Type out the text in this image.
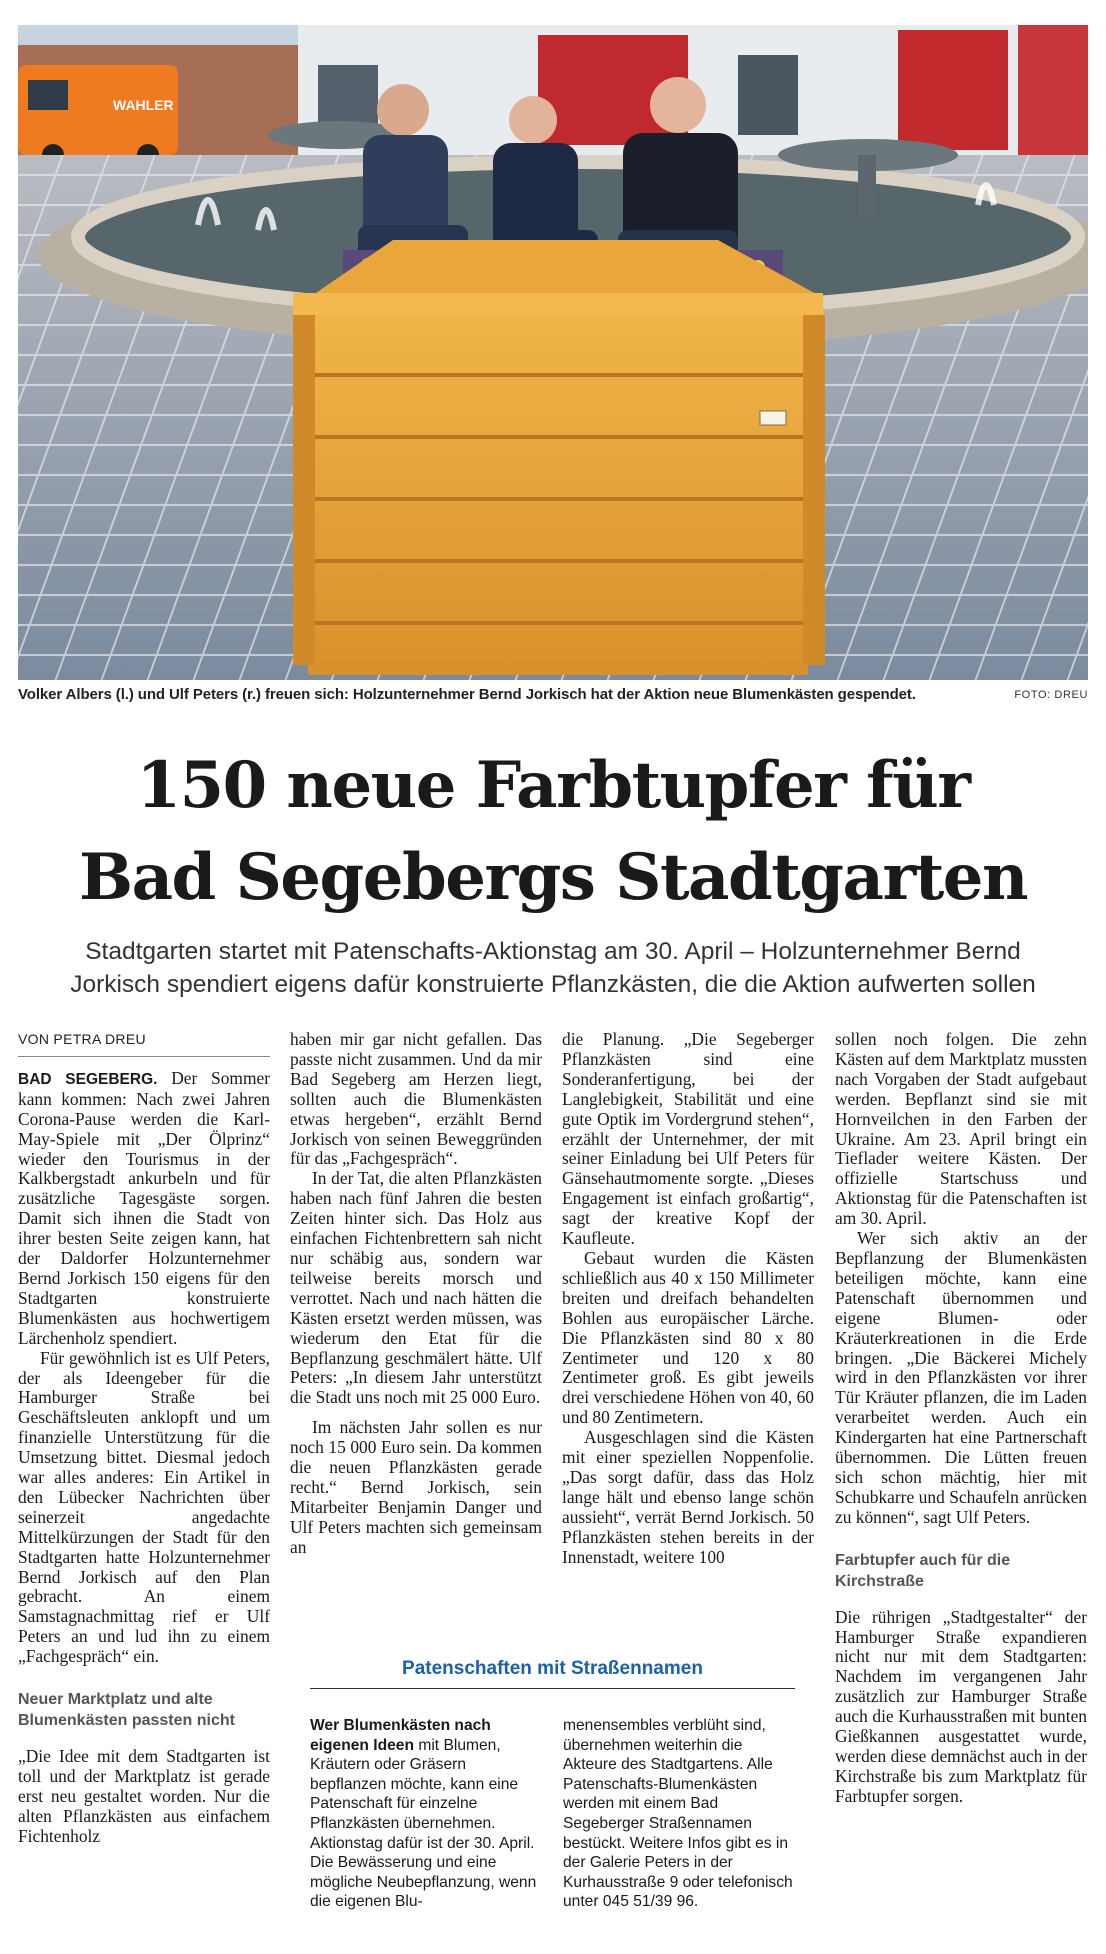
WAHLER
Volker Albers (l.) und Ulf Peters (r.) freuen sich: Holzunternehmer Bernd Jorkisch hat der Aktion neue Blumenkästen gespendet.	FOTO: DREU
150 neue Farbtupfer für
Bad Segebergs Stadtgarten
Stadtgarten startet mit Patenschafts-Aktionstag am 30. April – Holzunternehmer Bernd
Jorkisch spendiert eigens dafür konstruierte Pflanzkästen, die die Aktion aufwerten sollen
VON PETRA DREU

BAD SEGEBERG. Der Sommer kann kommen: Nach zwei Jahren Corona-Pause werden die Karl-May-Spiele mit „Der Ölprinz“ wieder den Tourismus in der Kalkbergstadt ankurbeln und für zusätzliche Tagesgäste sorgen. Damit sich ihnen die Stadt von ihrer besten Seite zeigen kann, hat der Daldorfer Holzunternehmer Bernd Jorkisch 150 eigens für den Stadtgarten konstruierte Blumenkästen aus hochwertigem Lärchenholz spendiert.

Für gewöhnlich ist es Ulf Peters, der als Ideengeber für die Hamburger Straße bei Geschäftsleuten anklopft und um finanzielle Unterstützung für die Umsetzung bittet. Diesmal jedoch war alles anderes: Ein Artikel in den Lübecker Nachrichten über seinerzeit angedachte Mittelkürzungen der Stadt für den Stadtgarten hatte Holzunternehmer Bernd Jorkisch auf den Plan gebracht. An einem Samstagnachmittag rief er Ulf Peters an und lud ihn zu einem „Fachgespräch“ ein.

Neuer Marktplatz und alte Blumenkästen passten nicht

„Die Idee mit dem Stadtgarten ist toll und der Marktplatz ist gerade erst neu gestaltet worden. Nur die alten Pflanzkästen aus einfachem Fichtenholz

haben mir gar nicht gefallen. Das passte nicht zusammen. Und da mir Bad Segeberg am Herzen liegt, sollten auch die Blumenkästen etwas hergeben“, erzählt Bernd Jorkisch von seinen Beweggründen für das „Fachgespräch“.

In der Tat, die alten Pflanzkästen haben nach fünf Jahren die besten Zeiten hinter sich. Das Holz aus einfachen Fichtenbrettern sah nicht nur schäbig aus, sondern war teilweise bereits morsch und verrottet. Nach und nach hätten die Kästen ersetzt werden müssen, was wiederum den Etat für die Bepflanzung geschmälert hätte. Ulf Peters: „In diesem Jahr unterstützt die Stadt uns noch mit 25 000 Euro.

Im nächsten Jahr sollen es nur noch 15 000 Euro sein. Da kommen die neuen Pflanzkästen gerade recht.“ Bernd Jorkisch, sein Mitarbeiter Benjamin Danger und Ulf Peters machten sich gemeinsam an

die Planung. „Die Segeberger Pflanzkästen sind eine Sonderanfertigung, bei der Langlebigkeit, Stabilität und eine gute Optik im Vordergrund stehen“, erzählt der Unternehmer, der mit seiner Einladung bei Ulf Peters für Gänsehautmomente sorgte. „Dieses Engagement ist einfach großartig“, sagt der kreative Kopf der Kaufleute.

Gebaut wurden die Kästen schließlich aus 40 x 150 Millimeter breiten und dreifach behandelten Bohlen aus europäischer Lärche. Die Pflanzkästen sind 80 x 80 Zentimeter und 120 x 80 Zentimeter groß. Es gibt jeweils drei verschiedene Höhen von 40, 60 und 80 Zentimetern.

Ausgeschlagen sind die Kästen mit einer speziellen Noppenfolie. „Das sorgt dafür, dass das Holz lange hält und ebenso lange schön aussieht“, verrät Bernd Jorkisch. 50 Pflanzkästen stehen bereits in der Innenstadt, weitere 100

sollen noch folgen. Die zehn Kästen auf dem Marktplatz mussten nach Vorgaben der Stadt aufgebaut werden. Bepflanzt sind sie mit Hornveilchen in den Farben der Ukraine. Am 23. April bringt ein Tieflader weitere Kästen. Der offizielle Startschuss und Aktionstag für die Patenschaften ist am 30. April.

Wer sich aktiv an der Bepflanzung der Blumenkästen beteiligen möchte, kann eine Patenschaft übernommen und eigene Blumen- oder Kräuterkreationen in die Erde bringen. „Die Bäckerei Michely wird in den Pflanzkästen vor ihrer Tür Kräuter pflanzen, die im Laden verarbeitet werden. Auch ein Kindergarten hat eine Partnerschaft übernommen. Die Lütten freuen sich schon mächtig, hier mit Schubkarre und Schaufeln anrücken zu können“, sagt Ulf Peters.

Farbtupfer auch für die Kirchstraße

Die rührigen „Stadtgestalter“ der Hamburger Straße expandieren nicht nur mit dem Stadtgarten: Nachdem im vergangenen Jahr zusätzlich zur Hamburger Straße auch die Kurhausstraßen mit bunten Gießkannen ausgestattet wurde, werden diese demnächst auch in der Kirchstraße bis zum Marktplatz für Farbtupfer sorgen.

Patenschaften mit Straßennamen
Wer Blumenkästen nach eigenen Ideen mit Blumen, Kräutern oder Gräsern bepflanzen möchte, kann eine Patenschaft für einzelne Pflanzkästen übernehmen. Aktionstag dafür ist der 30. April. Die Bewässerung und eine mögliche Neubepflanzung, wenn die eigenen Blu-
menensembles verblüht sind, übernehmen weiterhin die Akteure des Stadtgartens. Alle Patenschafts-Blumenkästen werden mit einem Bad Segeberger Straßennamen bestückt. Weitere Infos gibt es in der Galerie Peters in der Kurhausstraße 9 oder telefonisch unter 045 51/39 96.
